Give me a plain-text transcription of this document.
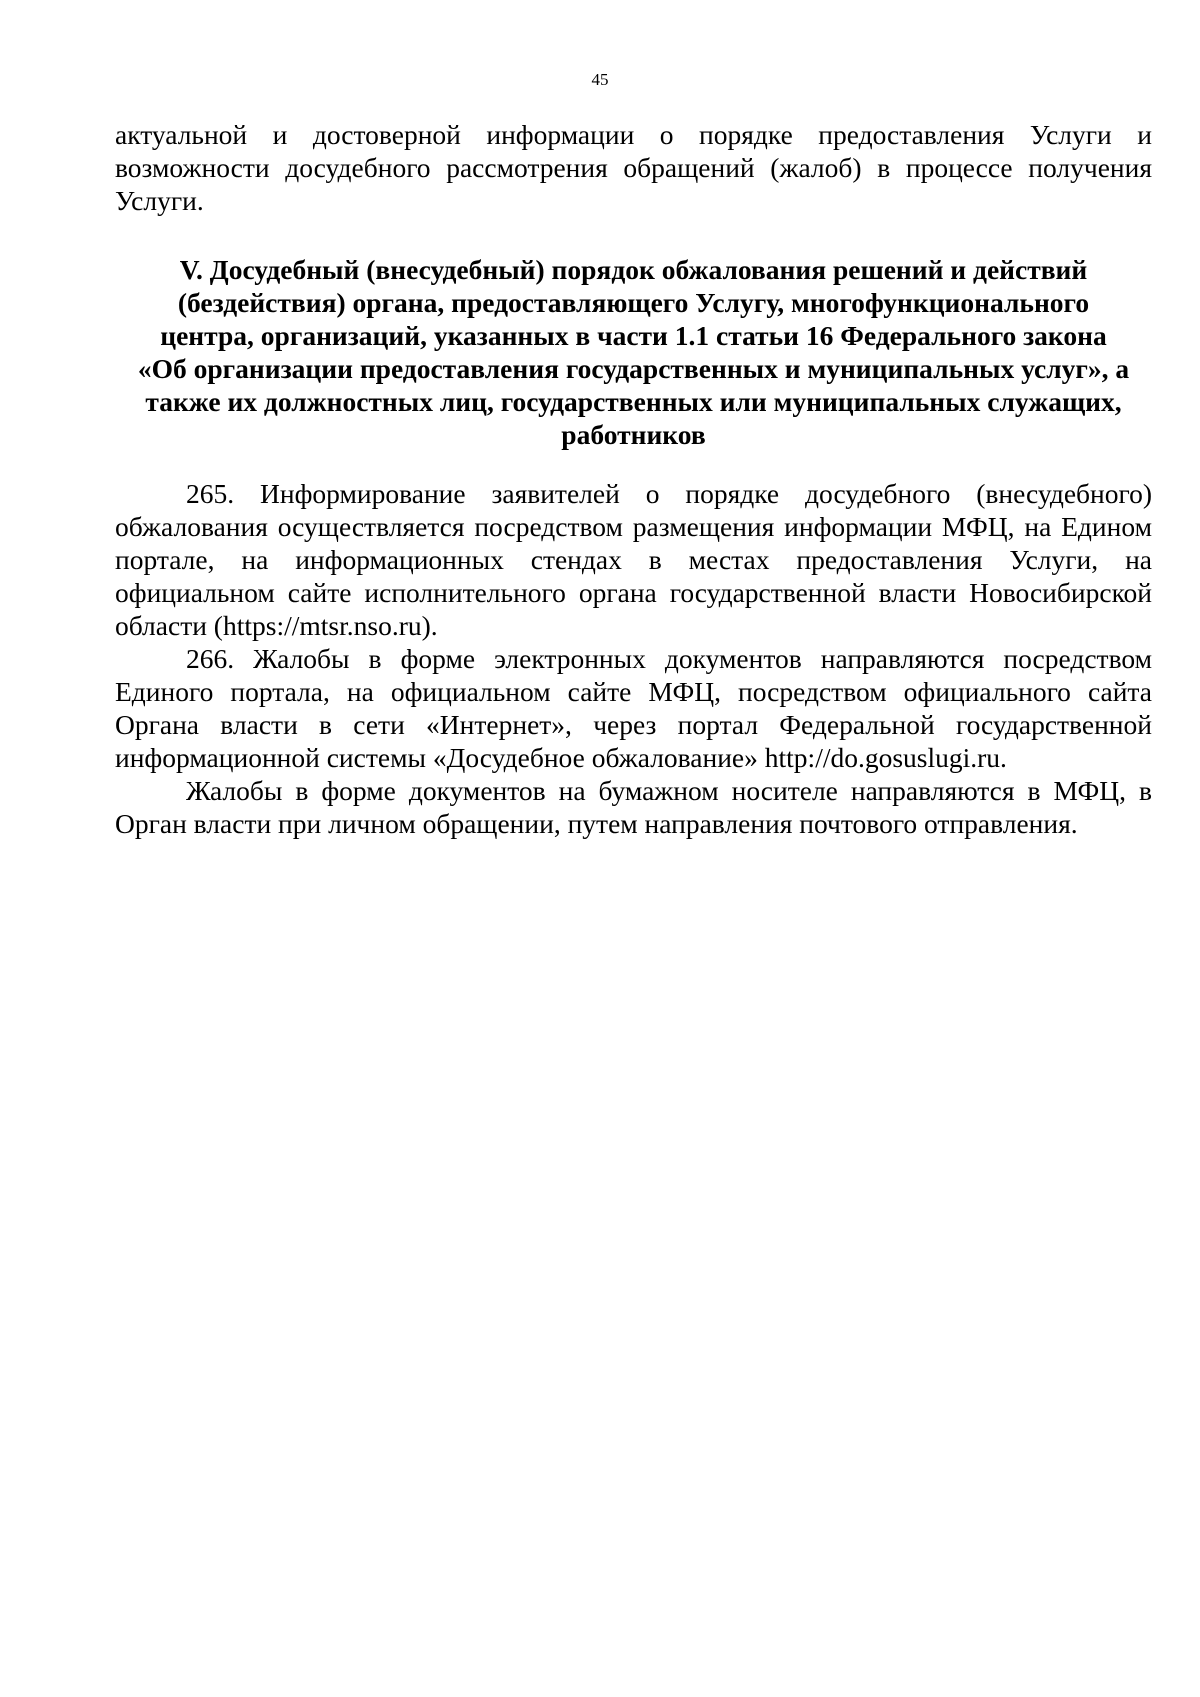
45

актуальной и достоверной информации о порядке предоставления Услуги и возможности досудебного рассмотрения обращений (жалоб) в процессе получения Услуги.

V. Досудебный (внесудебный) порядок обжалования решений и действий
(бездействия) органа, предоставляющего Услугу, многофункционального
центра, организаций, указанных в части 1.1 статьи 16 Федерального закона
«Об организации предоставления государственных и муниципальных услуг», а
также их должностных лиц, государственных или муниципальных служащих,
работников

265. Информирование заявителей о порядке досудебного (внесудебного) обжалования осуществляется посредством размещения информации МФЦ, на Едином портале, на информационных стендах в местах предоставления Услуги, на официальном сайте исполнительного органа государственной власти Новосибирской области (https://mtsr.nso.ru).

266. Жалобы в форме электронных документов направляются посредством Единого портала, на официальном сайте МФЦ, посредством официального сайта Органа власти в сети «Интернет», через портал Федеральной государственной информационной системы «Досудебное обжалование» http://do.gosuslugi.ru.

Жалобы в форме документов на бумажном носителе направляются в МФЦ, в Орган власти при личном обращении, путем направления почтового отправления.
